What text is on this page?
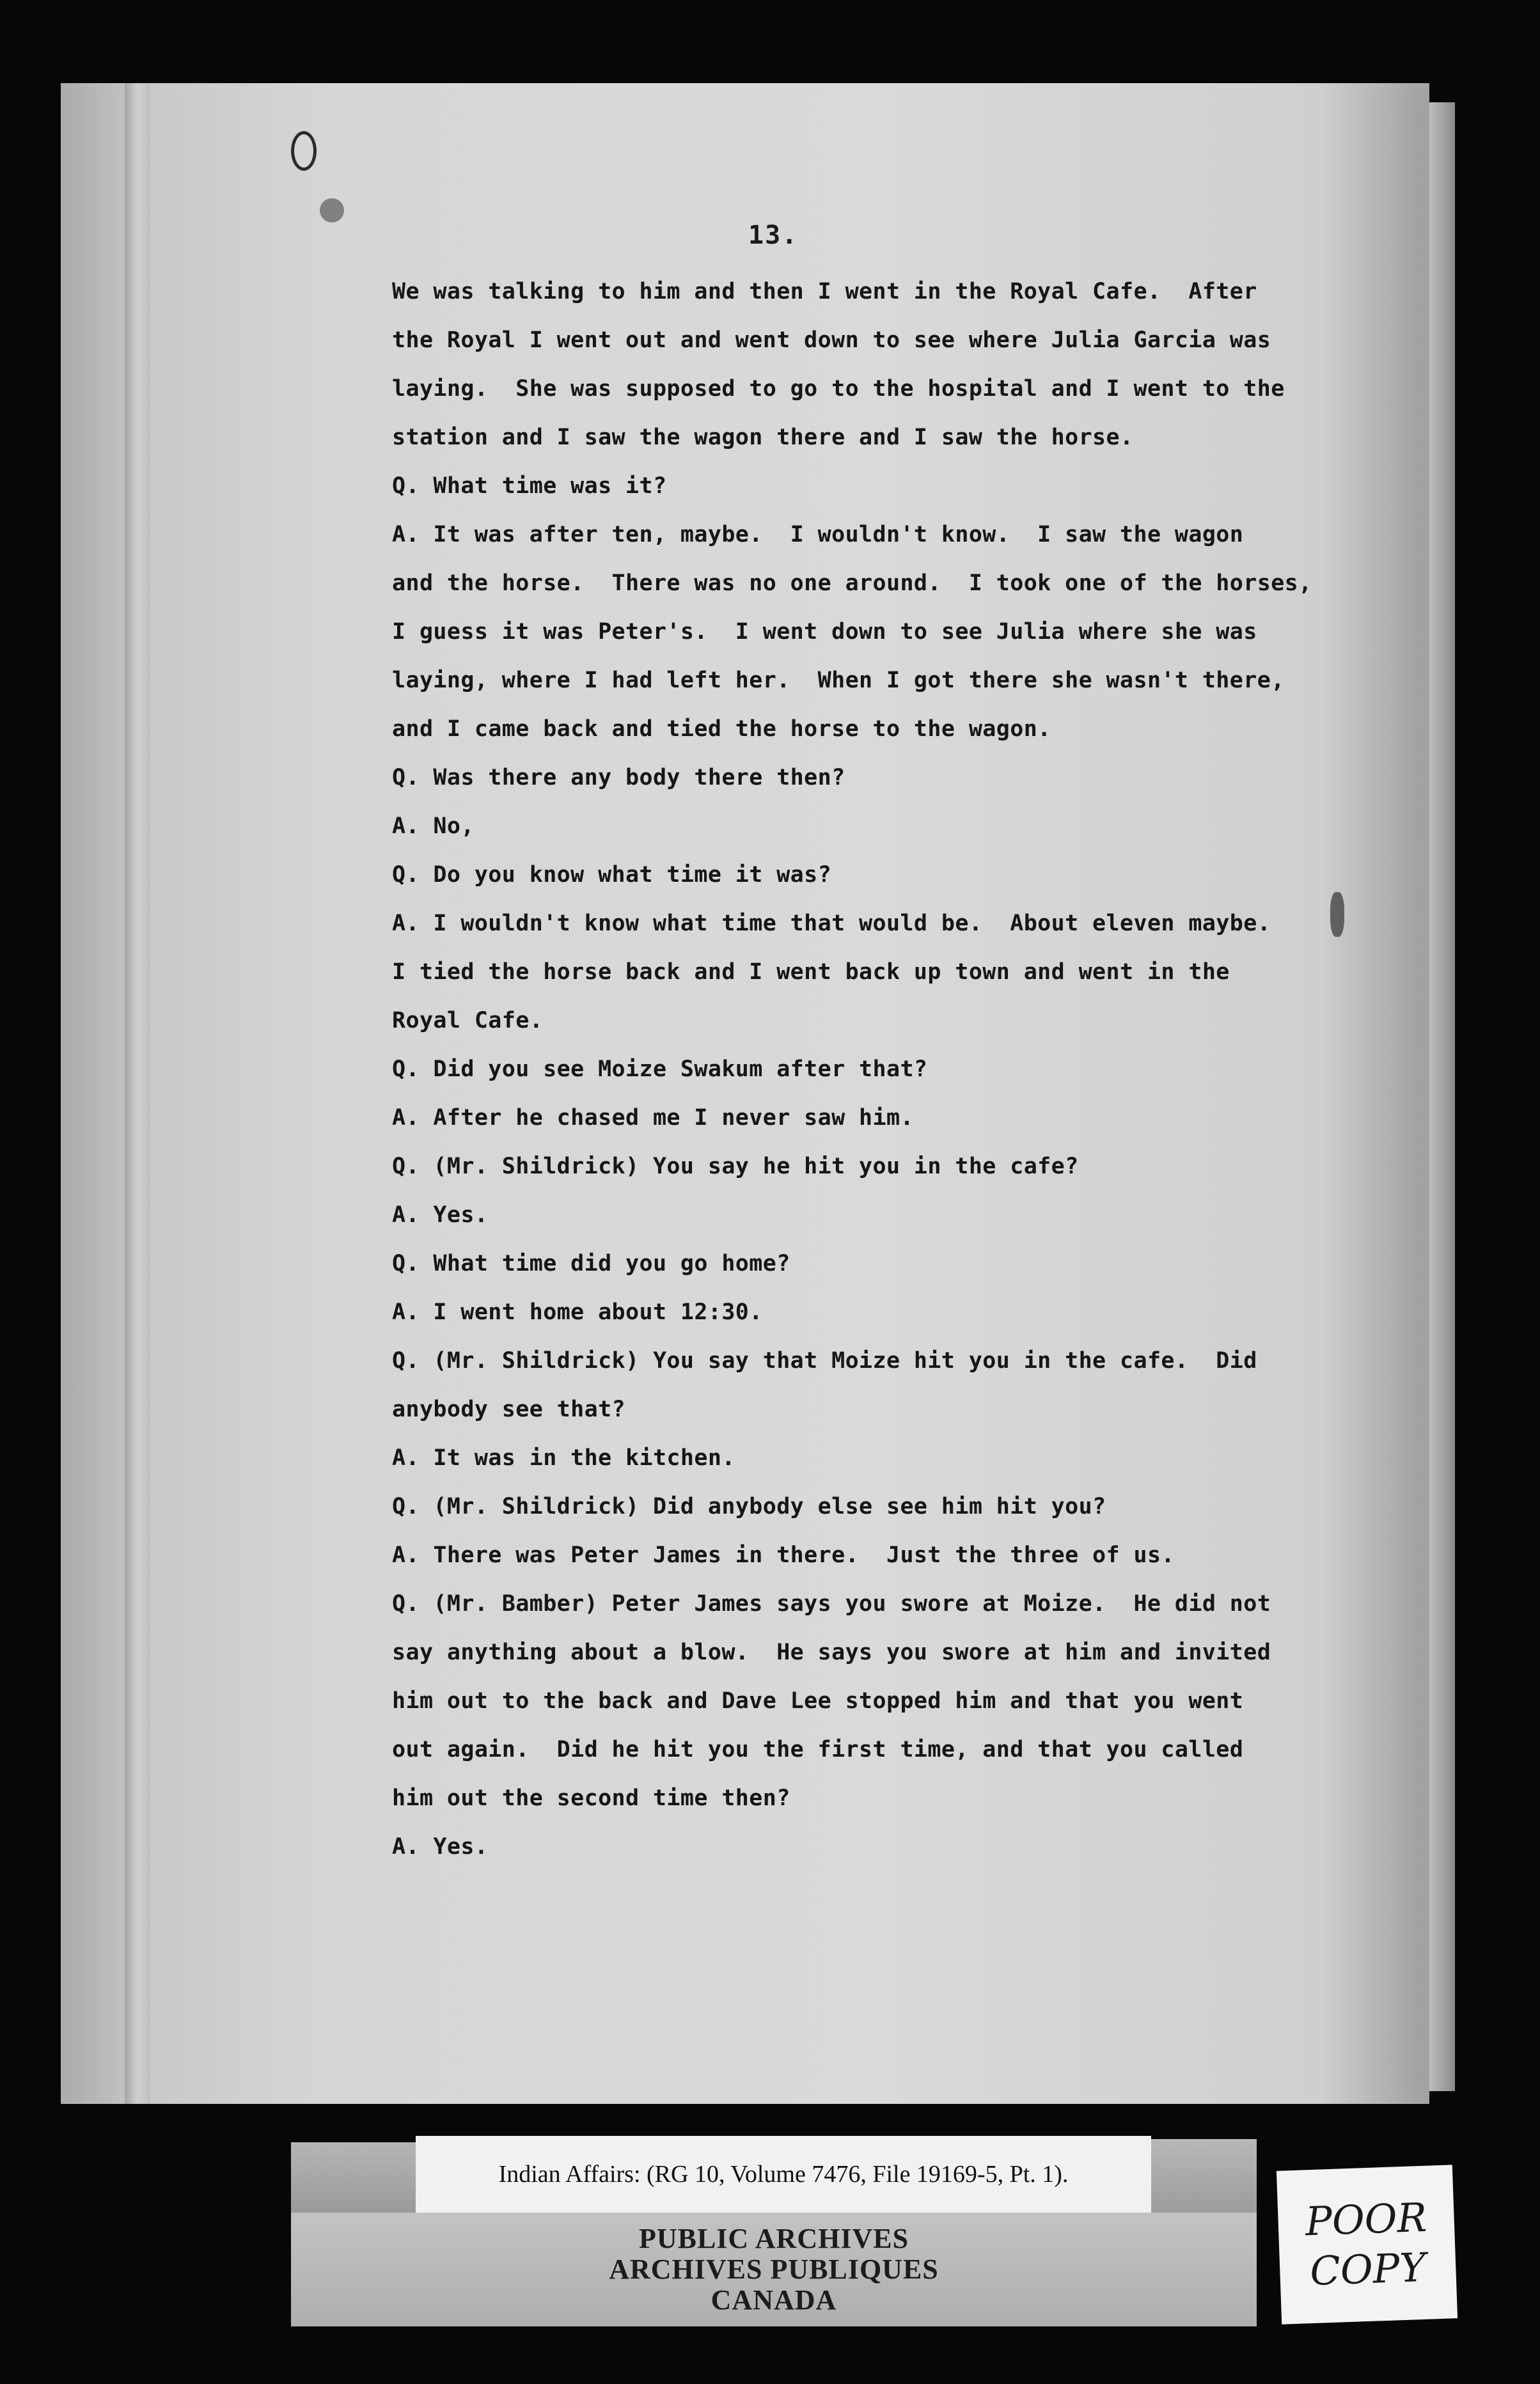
13.
We was talking to him and then I went in the Royal Cafe.  After
the Royal I went out and went down to see where Julia Garcia was
laying.  She was supposed to go to the hospital and I went to the
station and I saw the wagon there and I saw the horse.
Q. What time was it?
A. It was after ten, maybe.  I wouldn't know.  I saw the wagon
and the horse.  There was no one around.  I took one of the horses,
I guess it was Peter's.  I went down to see Julia where she was
laying, where I had left her.  When I got there she wasn't there,
and I came back and tied the horse to the wagon.
Q. Was there any body there then?
A. No,
Q. Do you know what time it was?
A. I wouldn't know what time that would be.  About eleven maybe.
I tied the horse back and I went back up town and went in the
Royal Cafe.
Q. Did you see Moize Swakum after that?
A. After he chased me I never saw him.
Q. (Mr. Shildrick) You say he hit you in the cafe?
A. Yes.
Q. What time did you go home?
A. I went home about 12:30.
Q. (Mr. Shildrick) You say that Moize hit you in the cafe.  Did
anybody see that?
A. It was in the kitchen.
Q. (Mr. Shildrick) Did anybody else see him hit you?
A. There was Peter James in there.  Just the three of us.
Q. (Mr. Bamber) Peter James says you swore at Moize.  He did not
say anything about a blow.  He says you swore at him and invited
him out to the back and Dave Lee stopped him and that you went
out again.  Did he hit you the first time, and that you called
him out the second time then?
A. Yes.
Indian Affairs: (RG 10, Volume 7476, File 19169-5, Pt. 1).
PUBLIC ARCHIVES
ARCHIVES PUBLIQUES
CANADA
POOR
COPY
